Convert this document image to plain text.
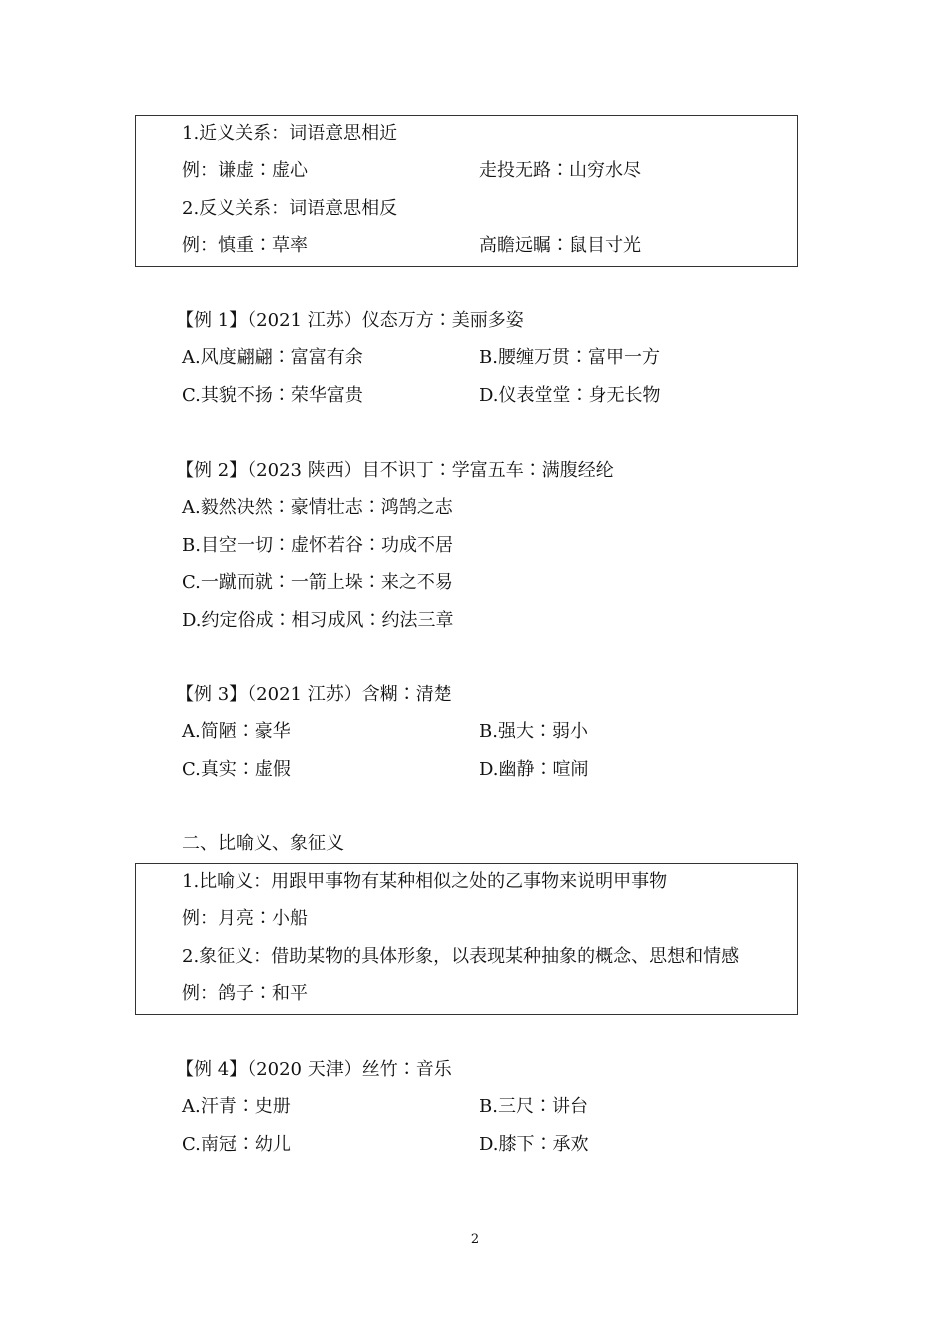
1.近义关系：词语意思相近
例：谦虚∶虚心	走投无路∶山穷水尽
2.反义关系：词语意思相反
例：慎重∶草率	高瞻远瞩∶鼠目寸光
【例 1】（2021 江苏）仪态万方∶美丽多姿
A.风度翩翩∶富富有余	B.腰缠万贯∶富甲一方
C.其貌不扬∶荣华富贵	D.仪表堂堂∶身无长物
【例 2】（2023 陕西）目不识丁∶学富五车∶满腹经纶
A.毅然决然∶豪情壮志∶鸿鹄之志
B.目空一切∶虚怀若谷∶功成不居
C.一蹴而就∶一箭上垛∶来之不易
D.约定俗成∶相习成风∶约法三章
【例 3】（2021 江苏）含糊∶清楚
A.简陋∶豪华	B.强大∶弱小
C.真实∶虚假	D.幽静∶喧闹
二、比喻义、象征义
1.比喻义：用跟甲事物有某种相似之处的乙事物来说明甲事物
例：月亮∶小船
2.象征义：借助某物的具体形象，以表现某种抽象的概念、思想和情感
例：鸽子∶和平
【例 4】（2020 天津）丝竹∶音乐
A.汗青∶史册	B.三尺∶讲台
C.南冠∶幼儿	D.膝下∶承欢
2
